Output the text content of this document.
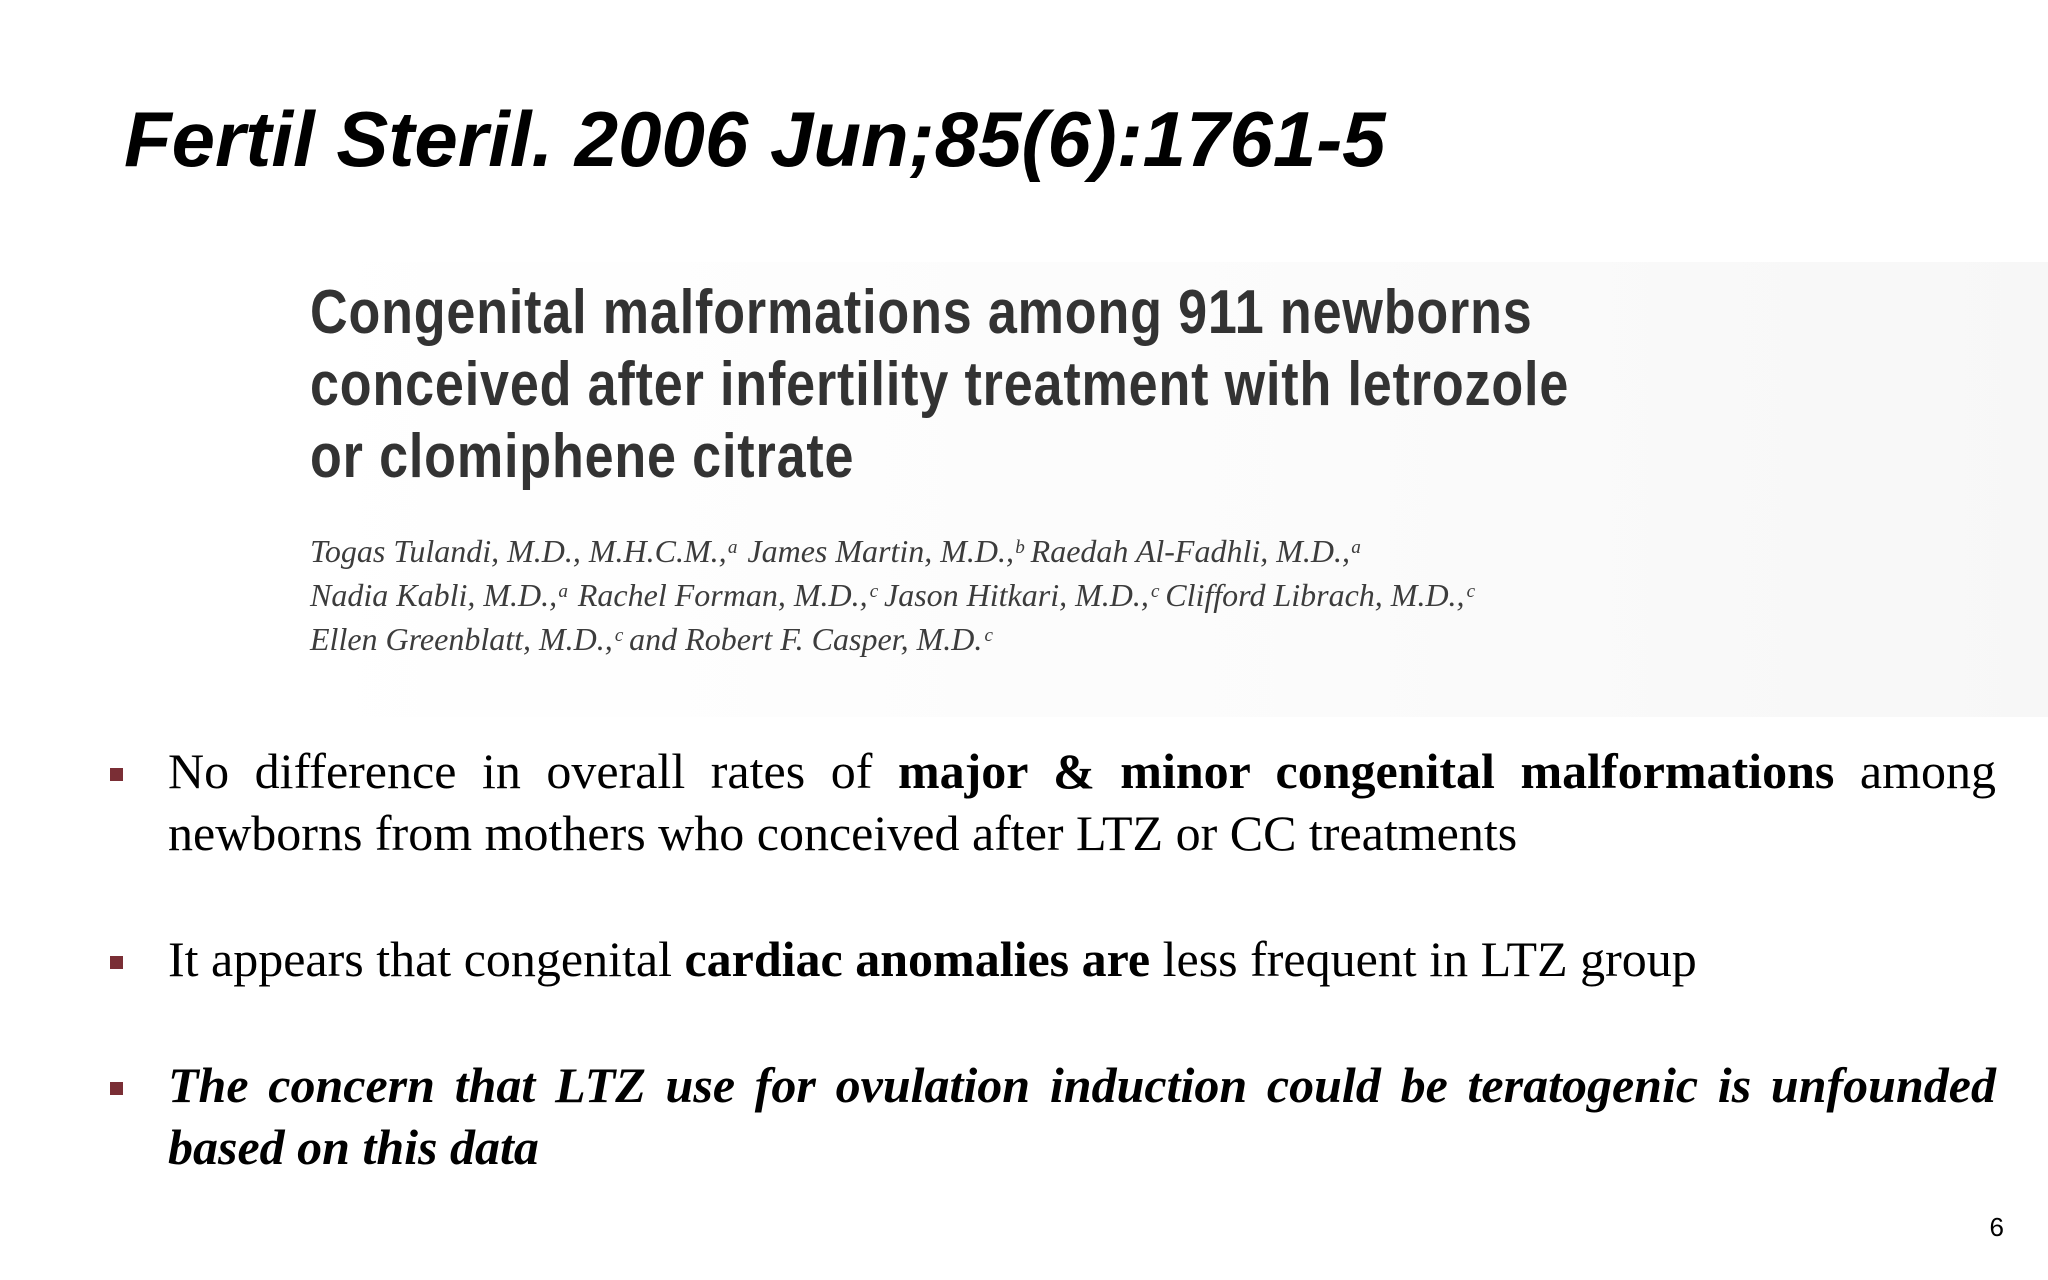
Fertil Steril. 2006 Jun;85(6):1761-5
Congenital malformations among 911 newborns
conceived after infertility treatment with letrozole
or clomiphene citrate
Togas Tulandi, M.D., M.H.C.M.,ᵃ James Martin, M.D.,ᵇ Raedah Al-Fadhli, M.D.,ᵃ
Nadia Kabli, M.D.,ᵃ Rachel Forman, M.D.,ᶜ Jason Hitkari, M.D.,ᶜ Clifford Librach, M.D.,ᶜ
Ellen Greenblatt, M.D.,ᶜ and Robert F. Casper, M.D.ᶜ
No difference in overall rates of major & minor congenital malformations among newborns from mothers who conceived after LTZ or CC treatments
It appears that congenital cardiac anomalies are less frequent in LTZ group
The concern that LTZ use for ovulation induction could be teratogenic is unfounded based on this data
6
